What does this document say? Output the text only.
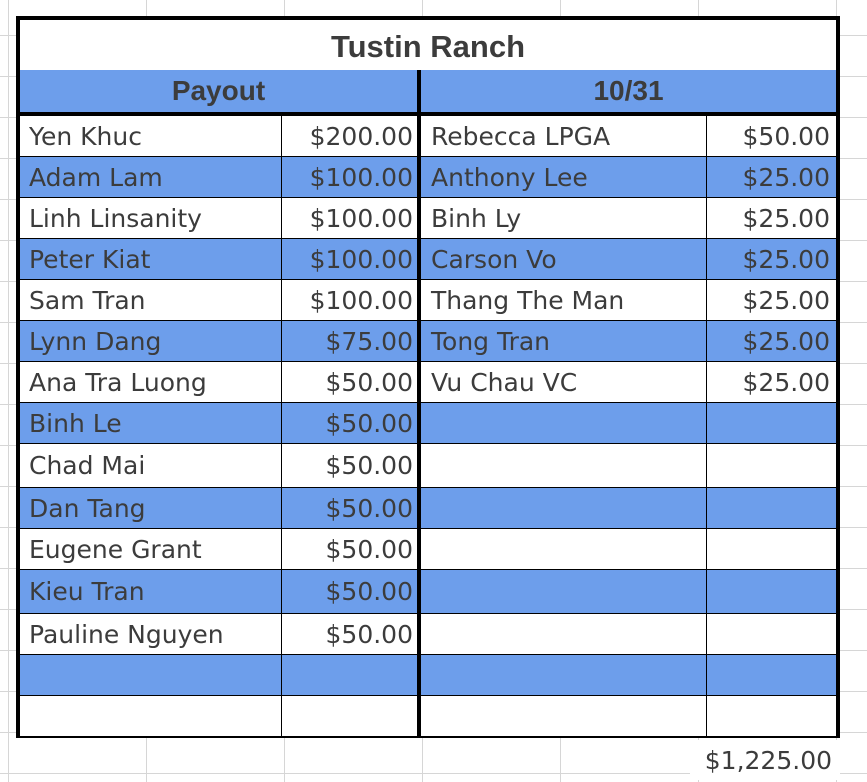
Tustin Ranch
Payout	10/31
Yen Khuc	$200.00 Rebecca LPGA	$50.00
Adam Lam	$100.00 Anthony Lee	$25.00
Linh Linsanity	$100.00 Binh Ly	$25.00
Peter Kiat	$100.00 Carson Vo	$25.00
Sam Tran	$100.00 Thang The Man	$25.00
Lynn Dang	$75.00 Tong Tran	$25.00
Ana Tra Luong	$50.00 Vu Chau VC	$25.00
Binh Le	$50.00
Chad Mai	$50.00
Dan Tang	$50.00
Eugene Grant	$50.00
Kieu Tran	$50.00
Pauline Nguyen	$50.00
$1,225.00
